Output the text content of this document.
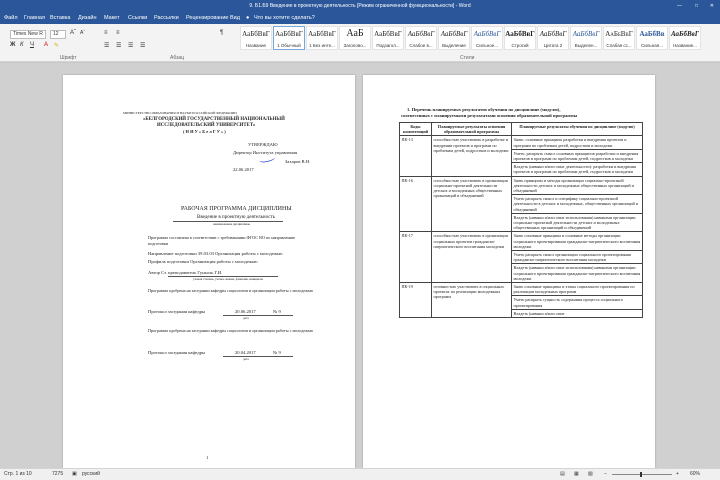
9. Б1.Б9 Введение в проектную деятельность [Режим ограниченной функциональности] - Word	—	□ ✕
Файл Главная Вставка Дизайн Макет Ссылки Рассылки Рецензирование Вид ● Что вы хотите сделать?
Times New R	12	Aˆ Aˇ
Ж К Ч A ✎
≡ ≡
☰ ☰ ☰ ☰
¶
Шрифт	Абзац	Стили
АаБбВвГ
Название
АаБбВвГ
1 Обычный
АаБбВвГ
1 Без инте...
АаБ
Заголово...
АаБбВвГ
Подзагол...
АаБбВвГ
Слабое в...
АаБбВвГ
Выделение
АаБбВвГ
Сильное...
АаБбВвГ
Строгий
АаБбВвГ
Цитата 2
АаБбВвГ
Выделен...
АаБбВвГ
Слабая сс...
АаБбВв
Сильная...
АаБбВвГ
Название...
МИНИСТЕРСТВО ОБРАЗОВАНИЯ И НАУКИ РОССИЙСКОЙ ФЕДЕРАЦИИ
«БЕЛГОРОДСКИЙ ГОСУДАРСТВЕННЫЙ НАЦИОНАЛЬНЫЙ
ИССЛЕДОВАТЕЛЬСКИЙ УНИВЕРСИТЕТ»
( Н И У « Б е л Г У » )
УТВЕРЖДАЮ
Директор Института управления
Захаров В.Н.
22.06.2017
РАБОЧАЯ ПРОГРАММА ДИСЦИПЛИНЫ
Введение в проектную деятельность
наименование дисциплины
Программа составлена в соответствии с требованиями ФГОС ВО по направлению
подготовки
Направление подготовки 39.03.03 Организация работы с молодежью
Профиль подготовки Организация работы с молодежью
Автор Ст. преподаватель Гуньоль Г.И.
ученая степень, ученое звание, фамилия, инициалы
Программа одобрена на заседании кафедры социологии и организации работы с молодежью
Протокол заседания кафедры	20.06.2017	№ 9
дата
Программа одобрена на заседании кафедры социологии и организации работы с молодежью
Протокол заседания кафедры	20.04.2017	№ 9
дата
1
1. Перечень планируемых результатов обучения по дисциплине (модулю),
соотнесенных с планируемыми результатами освоения образовательной программы
Коды компетенций	Планируемые результаты освоения образовательной программы	Планируемые результаты обучения по дисциплине (модулю)
ПК-13	способностью участвовать в разработке и внедрении проектов и программ по проблемам детей, подростков и молодежи	Знать: основные принципы разработки и внедрения проектов и программ по проблемам детей, подростков и молодежи
		Уметь: раскрыть смысл основных принципов разработки и внедрения проектов и программ по проблемам детей, подростков и молодежи
		Владеть (навыки и/или опыт деятельности): разработки и внедрения проектов и программ по проблемам детей, подростков и молодежи
ПК-16	способностью участвовать в организации социально-проектной деятельности детских и молодежных общественных организаций и объединений	Знать принципы и методы организации социально-проектной деятельности детских и молодежных общественных организаций и объединений
		Уметь раскрыть смысл и специфику социально-проектной деятельности в детских и молодежных, общественных организаций и объединений
		Владеть (навыки и/или опыт использования) навыками организации социально-проектной деятельности детских и молодежных общественных организаций и объединений
ПК-17	способностью участвовать в организации социальных проектов гражданско-патриотического воспитания молодежи	Знать основные принципы и основные методы организации социального проектирования гражданско-патриотического воспитания молодежи
		Уметь раскрыть смысл организации социального проектирования гражданско-патриотического воспитания молодежи
		Владеть (навыки и/или опыт использования) навыками организации социального проектирования гражданско-патриотического воспитания молодежи
ПК-19	готовностью участвовать в социальных проектах по реализации молодежных программ	Знать основные принципы и этапы социального проектирования по реализации молодежных программ
		Уметь раскрыть сущность содержания процесса социального проектирования
		Владеть (навыки и/или опыт
Стр. 1 из 10	7275 ▣ русский	▤ ▦ ▧ −	+ 60%
